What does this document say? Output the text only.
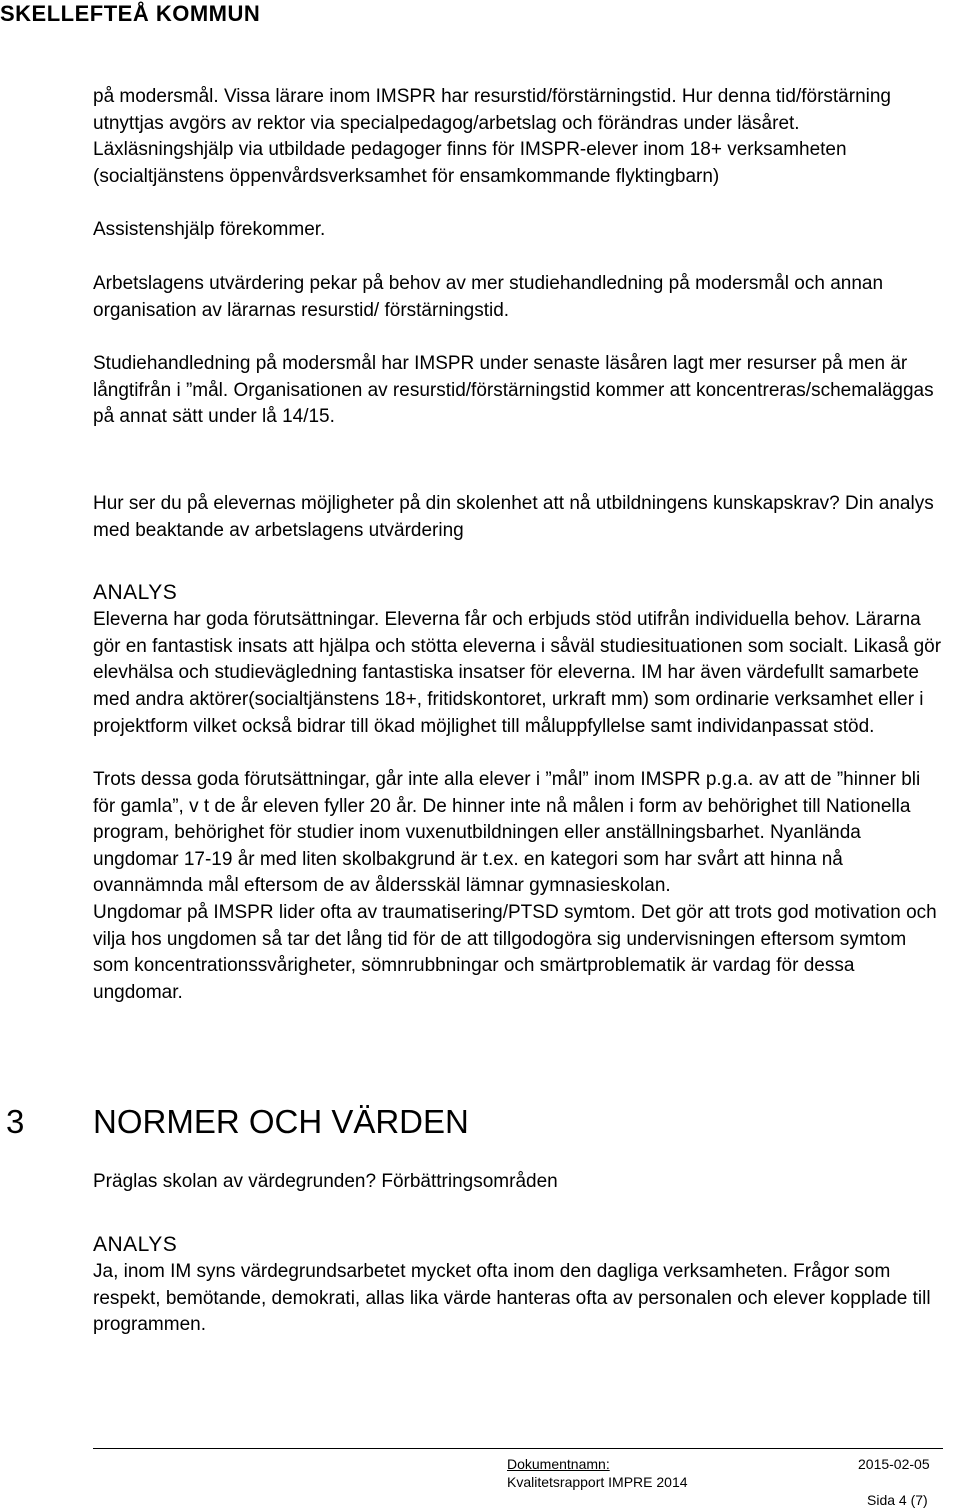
SKELLEFTEÅ KOMMUN

på modersmål. Vissa lärare inom IMSPR har resurstid/förstärningstid. Hur denna tid/förstärning utnyttjas avgörs av rektor via specialpedagog/arbetslag och förändras under läsåret.

Läxläsningshjälp via utbildade pedagoger finns för IMSPR-elever inom 18+ verksamheten (socialtjänstens öppenvårdsverksamhet för ensamkommande flyktingbarn)

Assistenshjälp förekommer.

Arbetslagens utvärdering pekar på behov av mer studiehandledning på modersmål och annan organisation av lärarnas resurstid/ förstärningstid.

Studiehandledning på modersmål har IMSPR under senaste läsåren lagt mer resurser på men är långtifrån i ”mål. Organisationen av resurstid/förstärningstid kommer att koncentreras/schemaläggas på annat sätt under lå 14/15.

Hur ser du på elevernas möjligheter på din skolenhet att nå utbildningens kunskapskrav? Din analys med beaktande av arbetslagens utvärdering

ANALYS

Eleverna har goda förutsättningar. Eleverna får och erbjuds stöd utifrån individuella behov. Lärarna gör en fantastisk insats att hjälpa och stötta eleverna i såväl studiesituationen som socialt. Likaså gör elevhälsa och studievägledning fantastiska insatser för eleverna. IM har även värdefullt samarbete med andra aktörer(socialtjänstens 18+, fritidskontoret, urkraft mm) som ordinarie verksamhet eller i projektform vilket också bidrar till ökad möjlighet till måluppfyllelse samt individanpassat stöd.

Trots dessa goda förutsättningar, går inte alla elever i ”mål” inom IMSPR p.g.a. av att de ”hinner bli för gamla”, v t de år eleven fyller 20 år. De hinner inte nå målen i form av behörighet till Nationella program, behörighet för studier inom vuxenutbildningen eller anställningsbarhet. Nyanlända ungdomar 17-19 år med liten skolbakgrund är t.ex. en kategori som har svårt att hinna nå ovannämnda mål eftersom de av åldersskäl lämnar gymnasieskolan.

Ungdomar på IMSPR lider ofta av traumatisering/PTSD symtom. Det gör att trots god motivation och vilja hos ungdomen så tar det lång tid för de att tillgodogöra sig undervisningen eftersom symtom som koncentrationssvårigheter, sömnrubbningar och smärtproblematik är vardag för dessa ungdomar.

3 NORMER OCH VÄRDEN

Präglas skolan av värdegrunden? Förbättringsområden

ANALYS

Ja, inom IM syns värdegrundsarbetet mycket ofta inom den dagliga verksamheten. Frågor som respekt, bemötande, demokrati, allas lika värde hanteras ofta av personalen och elever kopplade till programmen.

Dokumentnamn:	2015-02-05
Kvalitetsrapport IMPRE 2014
Sida 4 (7)
